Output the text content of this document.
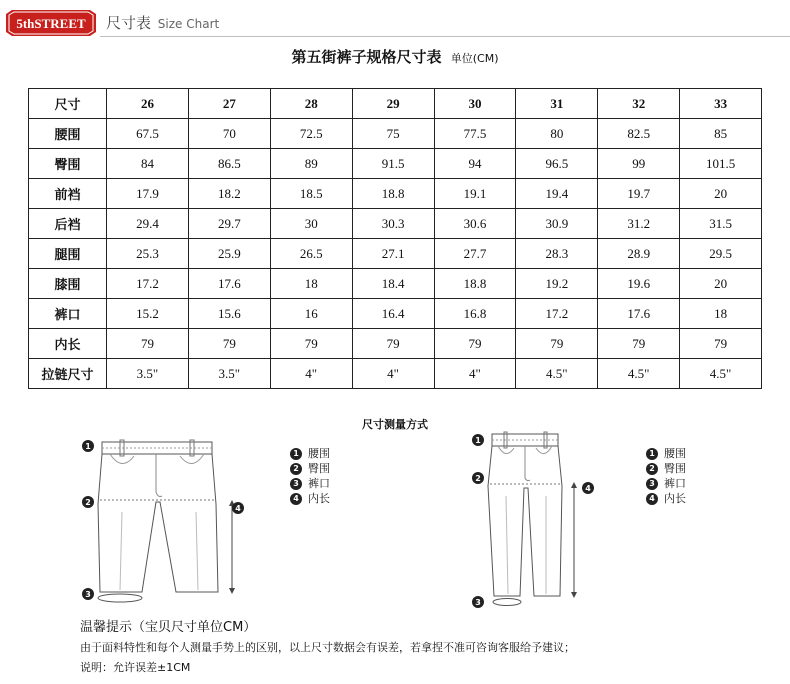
5thSTREET 尺寸表 Size Chart
第五街裤子规格尺寸表 单位(CM)
尺寸	26	27	28	29	30	31	32	33
腰围	67.5	70	72.5	75	77.5	80	82.5	85
臀围	84	86.5	89	91.5	94	96.5	99	101.5
前裆	17.9	18.2	18.5	18.8	19.1	19.4	19.7	20
后裆	29.4	29.7	30	30.3	30.6	30.9	31.2	31.5
腿围	25.3	25.9	26.5	27.1	27.7	28.3	28.9	29.5
膝围	17.2	17.6	18	18.4	18.8	19.2	19.6	20
裤口	15.2	15.6	16	16.4	16.8	17.2	17.6	18
内长	79	79	79	79	79	79	79	79
拉链尺寸	3.5"	3.5"	4"	4"	4"	4.5"	4.5"	4.5"
尺寸测量方式
1
2
3
4
1 腰围
2 臀围
3 裤口
4 内长
1
2
3
4
1 腰围
2 臀围
3 裤口
4 内长
温馨提示（宝贝尺寸单位CM）
由于面料特性和每个人测量手势上的区别，以上尺寸数据会有误差，若拿捏不准可咨询客服给予建议；
说明：允许误差±1CM
